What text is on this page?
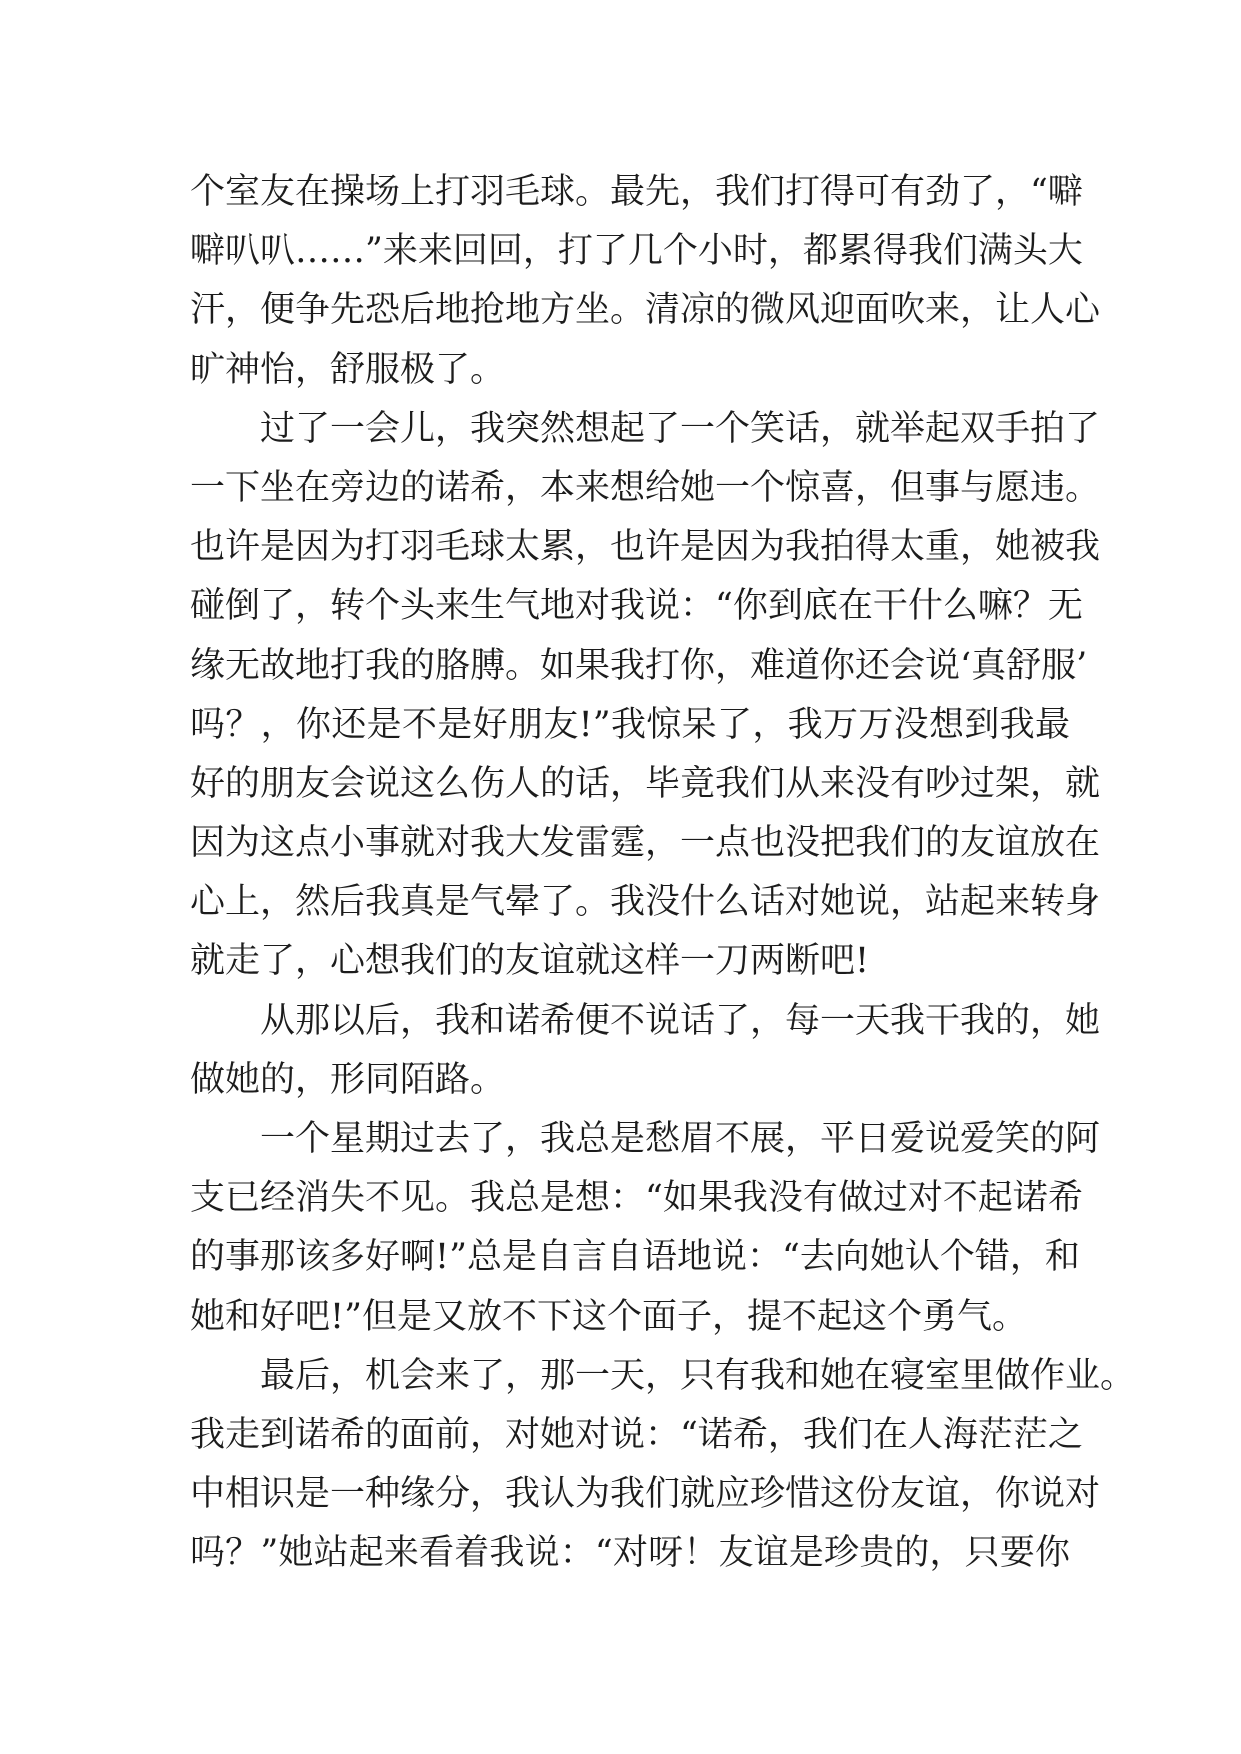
个室友在操场上打羽毛球。最先，我们打得可有劲了，“噼
噼叭叭……”来来回回，打了几个小时，都累得我们满头大
汗，便争先恐后地抢地方坐。清凉的微风迎面吹来，让人心
旷神怡，舒服极了。
过了一会儿，我突然想起了一个笑话，就举起双手拍了
一下坐在旁边的诺希，本来想给她一个惊喜，但事与愿违。
也许是因为打羽毛球太累，也许是因为我拍得太重，她被我
碰倒了，转个头来生气地对我说：“你到底在干什么嘛？无
缘无故地打我的胳膊。如果我打你，难道你还会说‘真舒服’
吗？，你还是不是好朋友!”我惊呆了，我万万没想到我最
好的朋友会说这么伤人的话，毕竟我们从来没有吵过架，就
因为这点小事就对我大发雷霆，一点也没把我们的友谊放在
心上，然后我真是气晕了。我没什么话对她说，站起来转身
就走了，心想我们的友谊就这样一刀两断吧!
从那以后，我和诺希便不说话了，每一天我干我的，她
做她的，形同陌路。
一个星期过去了，我总是愁眉不展，平日爱说爱笑的阿
支已经消失不见。我总是想：“如果我没有做过对不起诺希
的事那该多好啊!”总是自言自语地说：“去向她认个错，和
她和好吧!”但是又放不下这个面子，提不起这个勇气。
最后，机会来了，那一天，只有我和她在寝室里做作业。
我走到诺希的面前，对她对说：“诺希，我们在人海茫茫之
中相识是一种缘分，我认为我们就应珍惜这份友谊，你说对
吗？”她站起来看着我说：“对呀！友谊是珍贵的，只要你
